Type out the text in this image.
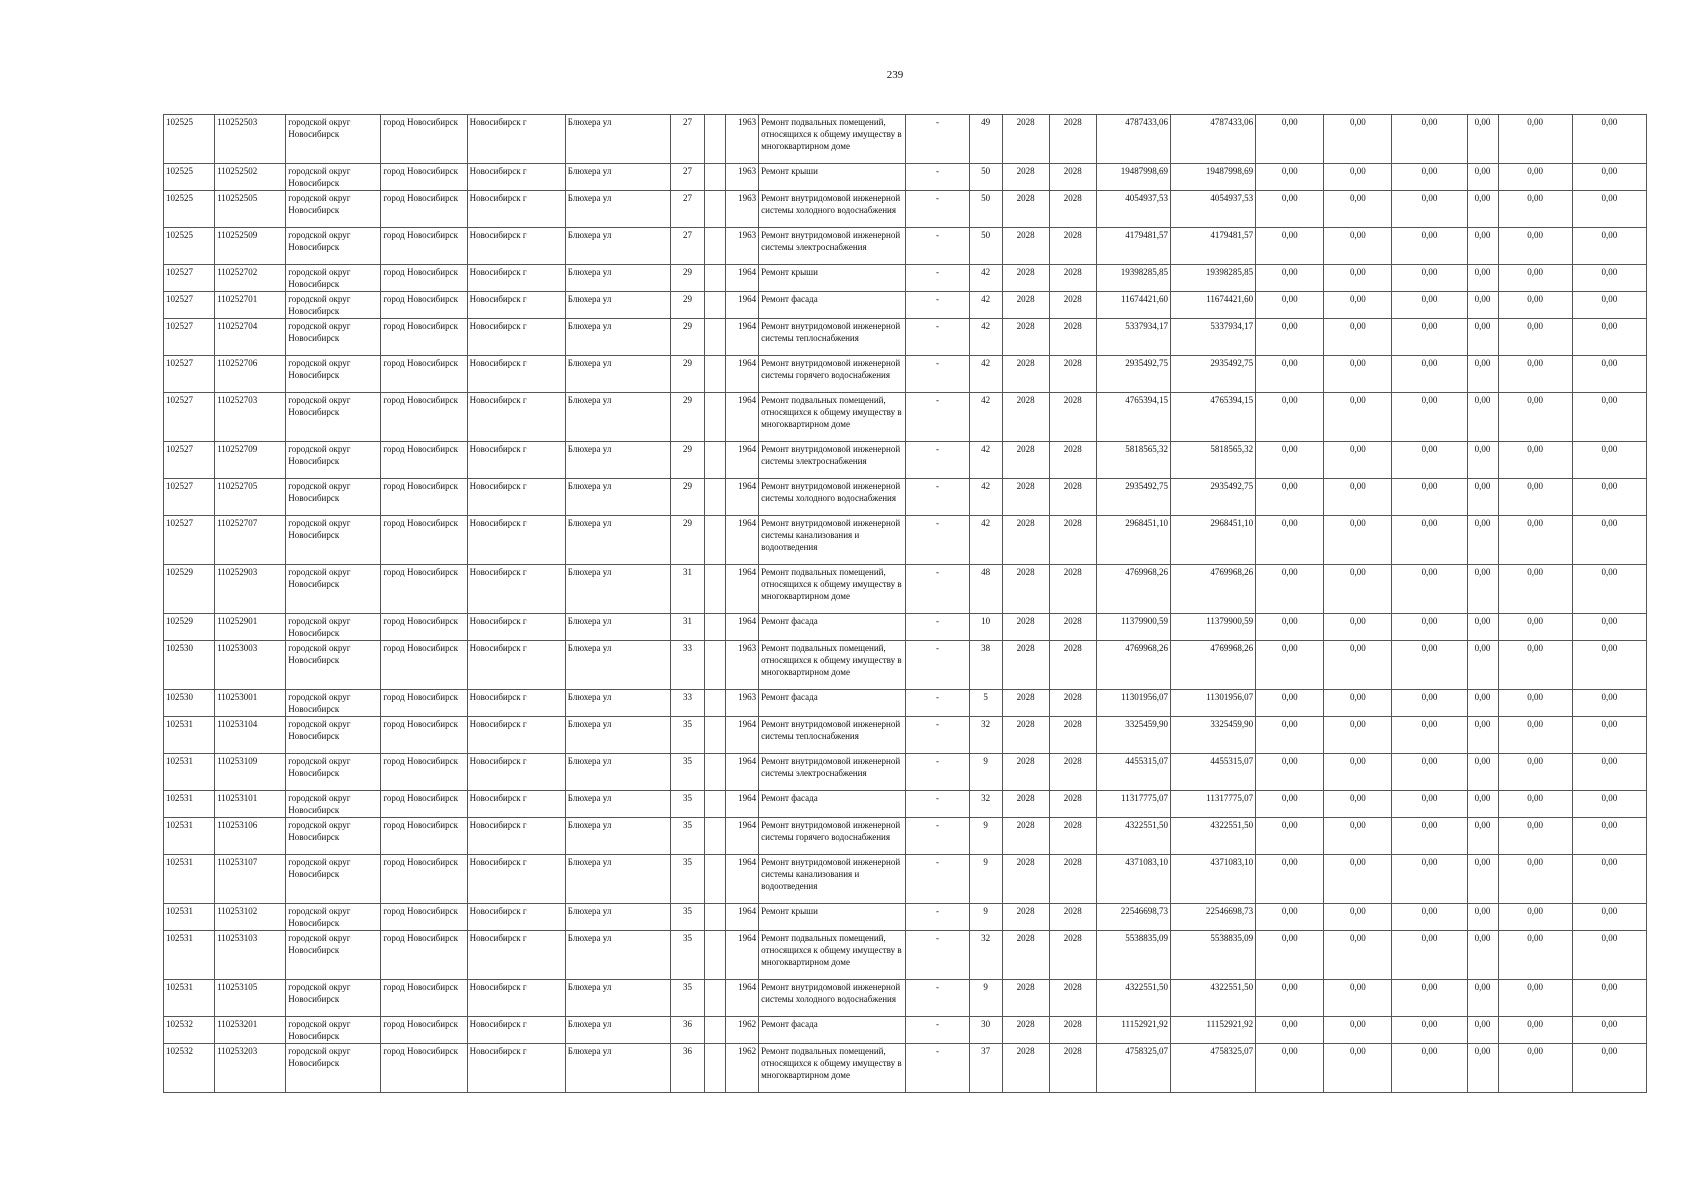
239
102525	110252503	городской округ Новосибирск	город Новосибирск	Новосибирск г	Блюхера ул	27		1963	Ремонт подвальных помещений, относящихся к общему имуществу в многоквартирном доме	-	49	2028	2028	4787433,06	4787433,06	0,00	0,00	0,00	0,00	0,00	0,00
102525	110252502	городской округ Новосибирск	город Новосибирск	Новосибирск г	Блюхера ул	27		1963	Ремонт крыши	-	50	2028	2028	19487998,69	19487998,69	0,00	0,00	0,00	0,00	0,00	0,00
102525	110252505	городской округ Новосибирск	город Новосибирск	Новосибирск г	Блюхера ул	27		1963	Ремонт внутридомовой инженерной системы холодного водоснабжения	-	50	2028	2028	4054937,53	4054937,53	0,00	0,00	0,00	0,00	0,00	0,00
102525	110252509	городской округ Новосибирск	город Новосибирск	Новосибирск г	Блюхера ул	27		1963	Ремонт внутридомовой инженерной системы электроснабжения	-	50	2028	2028	4179481,57	4179481,57	0,00	0,00	0,00	0,00	0,00	0,00
102527	110252702	городской округ Новосибирск	город Новосибирск	Новосибирск г	Блюхера ул	29		1964	Ремонт крыши	-	42	2028	2028	19398285,85	19398285,85	0,00	0,00	0,00	0,00	0,00	0,00
102527	110252701	городской округ Новосибирск	город Новосибирск	Новосибирск г	Блюхера ул	29		1964	Ремонт фасада	-	42	2028	2028	11674421,60	11674421,60	0,00	0,00	0,00	0,00	0,00	0,00
102527	110252704	городской округ Новосибирск	город Новосибирск	Новосибирск г	Блюхера ул	29		1964	Ремонт внутридомовой инженерной системы теплоснабжения	-	42	2028	2028	5337934,17	5337934,17	0,00	0,00	0,00	0,00	0,00	0,00
102527	110252706	городской округ Новосибирск	город Новосибирск	Новосибирск г	Блюхера ул	29		1964	Ремонт внутридомовой инженерной системы горячего водоснабжения	-	42	2028	2028	2935492,75	2935492,75	0,00	0,00	0,00	0,00	0,00	0,00
102527	110252703	городской округ Новосибирск	город Новосибирск	Новосибирск г	Блюхера ул	29		1964	Ремонт подвальных помещений, относящихся к общему имуществу в многоквартирном доме	-	42	2028	2028	4765394,15	4765394,15	0,00	0,00	0,00	0,00	0,00	0,00
102527	110252709	городской округ Новосибирск	город Новосибирск	Новосибирск г	Блюхера ул	29		1964	Ремонт внутридомовой инженерной системы электроснабжения	-	42	2028	2028	5818565,32	5818565,32	0,00	0,00	0,00	0,00	0,00	0,00
102527	110252705	городской округ Новосибирск	город Новосибирск	Новосибирск г	Блюхера ул	29		1964	Ремонт внутридомовой инженерной системы холодного водоснабжения	-	42	2028	2028	2935492,75	2935492,75	0,00	0,00	0,00	0,00	0,00	0,00
102527	110252707	городской округ Новосибирск	город Новосибирск	Новосибирск г	Блюхера ул	29		1964	Ремонт внутридомовой инженерной системы канализования и водоотведения	-	42	2028	2028	2968451,10	2968451,10	0,00	0,00	0,00	0,00	0,00	0,00
102529	110252903	городской округ Новосибирск	город Новосибирск	Новосибирск г	Блюхера ул	31		1964	Ремонт подвальных помещений, относящихся к общему имуществу в многоквартирном доме	-	48	2028	2028	4769968,26	4769968,26	0,00	0,00	0,00	0,00	0,00	0,00
102529	110252901	городской округ Новосибирск	город Новосибирск	Новосибирск г	Блюхера ул	31		1964	Ремонт фасада	-	10	2028	2028	11379900,59	11379900,59	0,00	0,00	0,00	0,00	0,00	0,00
102530	110253003	городской округ Новосибирск	город Новосибирск	Новосибирск г	Блюхера ул	33		1963	Ремонт подвальных помещений, относящихся к общему имуществу в многоквартирном доме	-	38	2028	2028	4769968,26	4769968,26	0,00	0,00	0,00	0,00	0,00	0,00
102530	110253001	городской округ Новосибирск	город Новосибирск	Новосибирск г	Блюхера ул	33		1963	Ремонт фасада	-	5	2028	2028	11301956,07	11301956,07	0,00	0,00	0,00	0,00	0,00	0,00
102531	110253104	городской округ Новосибирск	город Новосибирск	Новосибирск г	Блюхера ул	35		1964	Ремонт внутридомовой инженерной системы теплоснабжения	-	32	2028	2028	3325459,90	3325459,90	0,00	0,00	0,00	0,00	0,00	0,00
102531	110253109	городской округ Новосибирск	город Новосибирск	Новосибирск г	Блюхера ул	35		1964	Ремонт внутридомовой инженерной системы электроснабжения	-	9	2028	2028	4455315,07	4455315,07	0,00	0,00	0,00	0,00	0,00	0,00
102531	110253101	городской округ Новосибирск	город Новосибирск	Новосибирск г	Блюхера ул	35		1964	Ремонт фасада	-	32	2028	2028	11317775,07	11317775,07	0,00	0,00	0,00	0,00	0,00	0,00
102531	110253106	городской округ Новосибирск	город Новосибирск	Новосибирск г	Блюхера ул	35		1964	Ремонт внутридомовой инженерной системы горячего водоснабжения	-	9	2028	2028	4322551,50	4322551,50	0,00	0,00	0,00	0,00	0,00	0,00
102531	110253107	городской округ Новосибирск	город Новосибирск	Новосибирск г	Блюхера ул	35		1964	Ремонт внутридомовой инженерной системы канализования и водоотведения	-	9	2028	2028	4371083,10	4371083,10	0,00	0,00	0,00	0,00	0,00	0,00
102531	110253102	городской округ Новосибирск	город Новосибирск	Новосибирск г	Блюхера ул	35		1964	Ремонт крыши	-	9	2028	2028	22546698,73	22546698,73	0,00	0,00	0,00	0,00	0,00	0,00
102531	110253103	городской округ Новосибирск	город Новосибирск	Новосибирск г	Блюхера ул	35		1964	Ремонт подвальных помещений, относящихся к общему имуществу в многоквартирном доме	-	32	2028	2028	5538835,09	5538835,09	0,00	0,00	0,00	0,00	0,00	0,00
102531	110253105	городской округ Новосибирск	город Новосибирск	Новосибирск г	Блюхера ул	35		1964	Ремонт внутридомовой инженерной системы холодного водоснабжения	-	9	2028	2028	4322551,50	4322551,50	0,00	0,00	0,00	0,00	0,00	0,00
102532	110253201	городской округ Новосибирск	город Новосибирск	Новосибирск г	Блюхера ул	36		1962	Ремонт фасада	-	30	2028	2028	11152921,92	11152921,92	0,00	0,00	0,00	0,00	0,00	0,00
102532	110253203	городской округ Новосибирск	город Новосибирск	Новосибирск г	Блюхера ул	36		1962	Ремонт подвальных помещений, относящихся к общему имуществу в многоквартирном доме	-	37	2028	2028	4758325,07	4758325,07	0,00	0,00	0,00	0,00	0,00	0,00
